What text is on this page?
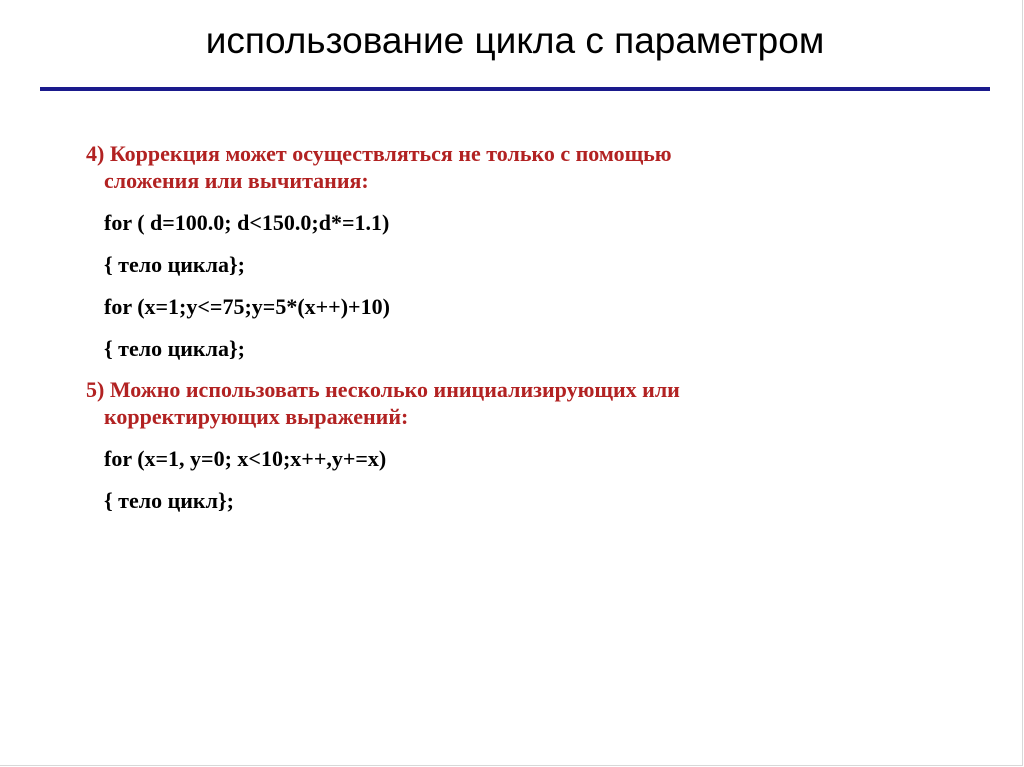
использование цикла с параметром
4) Коррекция может осуществляться не только с помощью
сложения или вычитания:
for ( d=100.0; d<150.0;d*=1.1)
{ тело цикла};
for (x=1;y<=75;y=5*(x++)+10)
{ тело цикла};
5) Можно использовать несколько инициализирующих или
корректирующих выражений:
for (x=1, y=0; x<10;x++,y+=x)
{ тело цикл};
